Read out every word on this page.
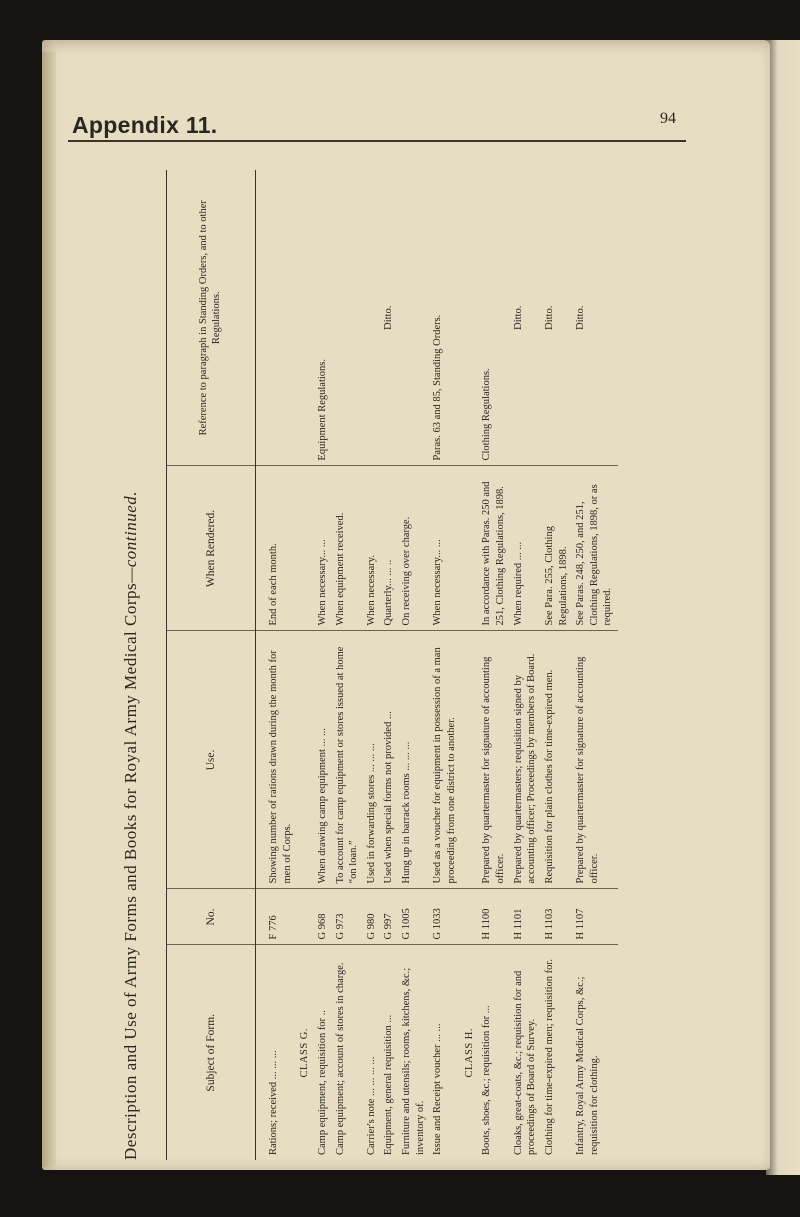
Appendix 11.	94
Description and Use of Army Forms and Books for Royal Army Medical Corps—continued.
Subject of Form.	No.	Use.	When Rendered.	Reference to paragraph in Standing Orders, and to other Regulations.

Rations; received ... ... ...	F 776	Showing number of rations drawn during the month for men of Corps.	End of each month.	
CLASS G.				
Camp equipment, requisition for ..	G 968	When drawing camp equipment ... ...	When necessary... ...	Equipment Regulations.
Camp equipment; account of stores in charge.	G 973	To account for camp equipment or stores issued at home “on loan.”	When equipment received.	
Carrier's note ... ... ... ...	G 980	Used in forwarding stores ... ... ...	When necessary.	
Equipment, general requisition ...	G 997	Used when special forms not provided ...	Quarterly... ... ..	Ditto.
Furniture and utensils; rooms, kitchens, &c.; inventory of.	G 1005	Hung up in barrack rooms ... ... ...	On receiving over charge.	
Issue and Receipt voucher ... ...	G 1033	Used as a voucher for equipment in possession of a man proceeding from one district to another.	When necessary... ...	Paras. 63 and 85, Standing Orders.
CLASS H.				
Boots, shoes, &c.; requisition for ...	H 1100	Prepared by quartermaster for signature of accounting officer.	In accordance with Paras. 250 and 251, Clothing Regulations, 1898.	Clothing Regulations.
Cloaks, great-coats, &c.; requisition for and proceedings of Board of Survey.	H 1101	Prepared by quartermasters; requisition signed by accounting officer; Proceedings by members of Board.	When required ... ...	Ditto.
Clothing for time-expired men; requisition for.	H 1103	Requisition for plain clothes for time-expired men.	See Para. 255, Clothing Regulations, 1898.	Ditto.
Infantry, Royal Army Medical Corps, &c.; requisition for clothing.	H 1107	Prepared by quartermaster for signature of accounting officer.	See Paras. 248, 250, and 251, Clothing Regulations, 1898, or as required.	Ditto.
